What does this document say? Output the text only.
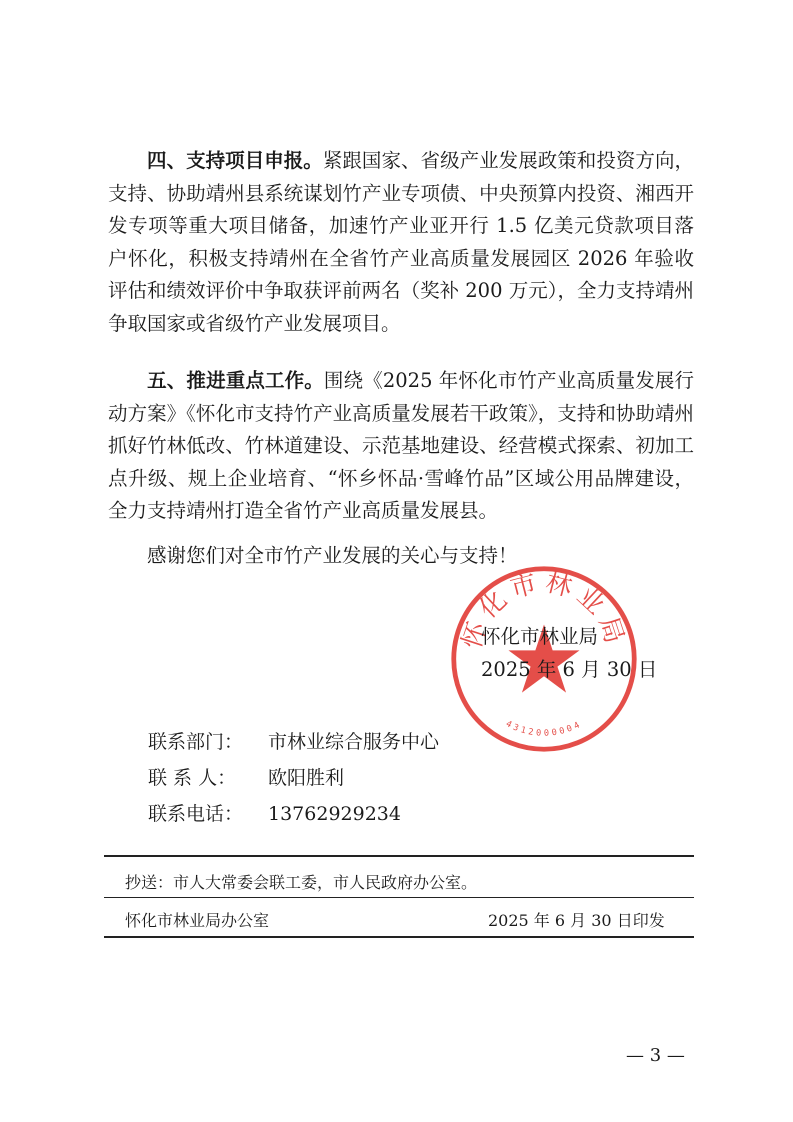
四、支持项目申报。紧跟国家、省级产业发展政策和投资方向，支持、协助靖州县系统谋划竹产业专项债、中央预算内投资、湘西开发专项等重大项目储备，加速竹产业亚开行 1.5 亿美元贷款项目落户怀化，积极支持靖州在全省竹产业高质量发展园区 2026 年验收评估和绩效评价中争取获评前两名（奖补 200 万元），全力支持靖州争取国家或省级竹产业发展项目。

五、推进重点工作。围绕《2025 年怀化市竹产业高质量发展行动方案》《怀化市支持竹产业高质量发展若干政策》，支持和协助靖州抓好竹林低改、竹林道建设、示范基地建设、经营模式探索、初加工点升级、规上企业培育、“怀乡怀品·雪峰竹品”区域公用品牌建设，全力支持靖州打造全省竹产业高质量发展县。

感谢您们对全市竹产业发展的关心与支持！
怀化市林业局
4312000004
怀化市林业局
2025 年 6 月 30 日
联系部门： 市林业综合服务中心
联 系 人： 欧阳胜利
联系电话： 13762929234
抄送：市人大常委会联工委，市人民政府办公室。
怀化市林业局办公室	2025 年 6 月 30 日印发
— 3 —
